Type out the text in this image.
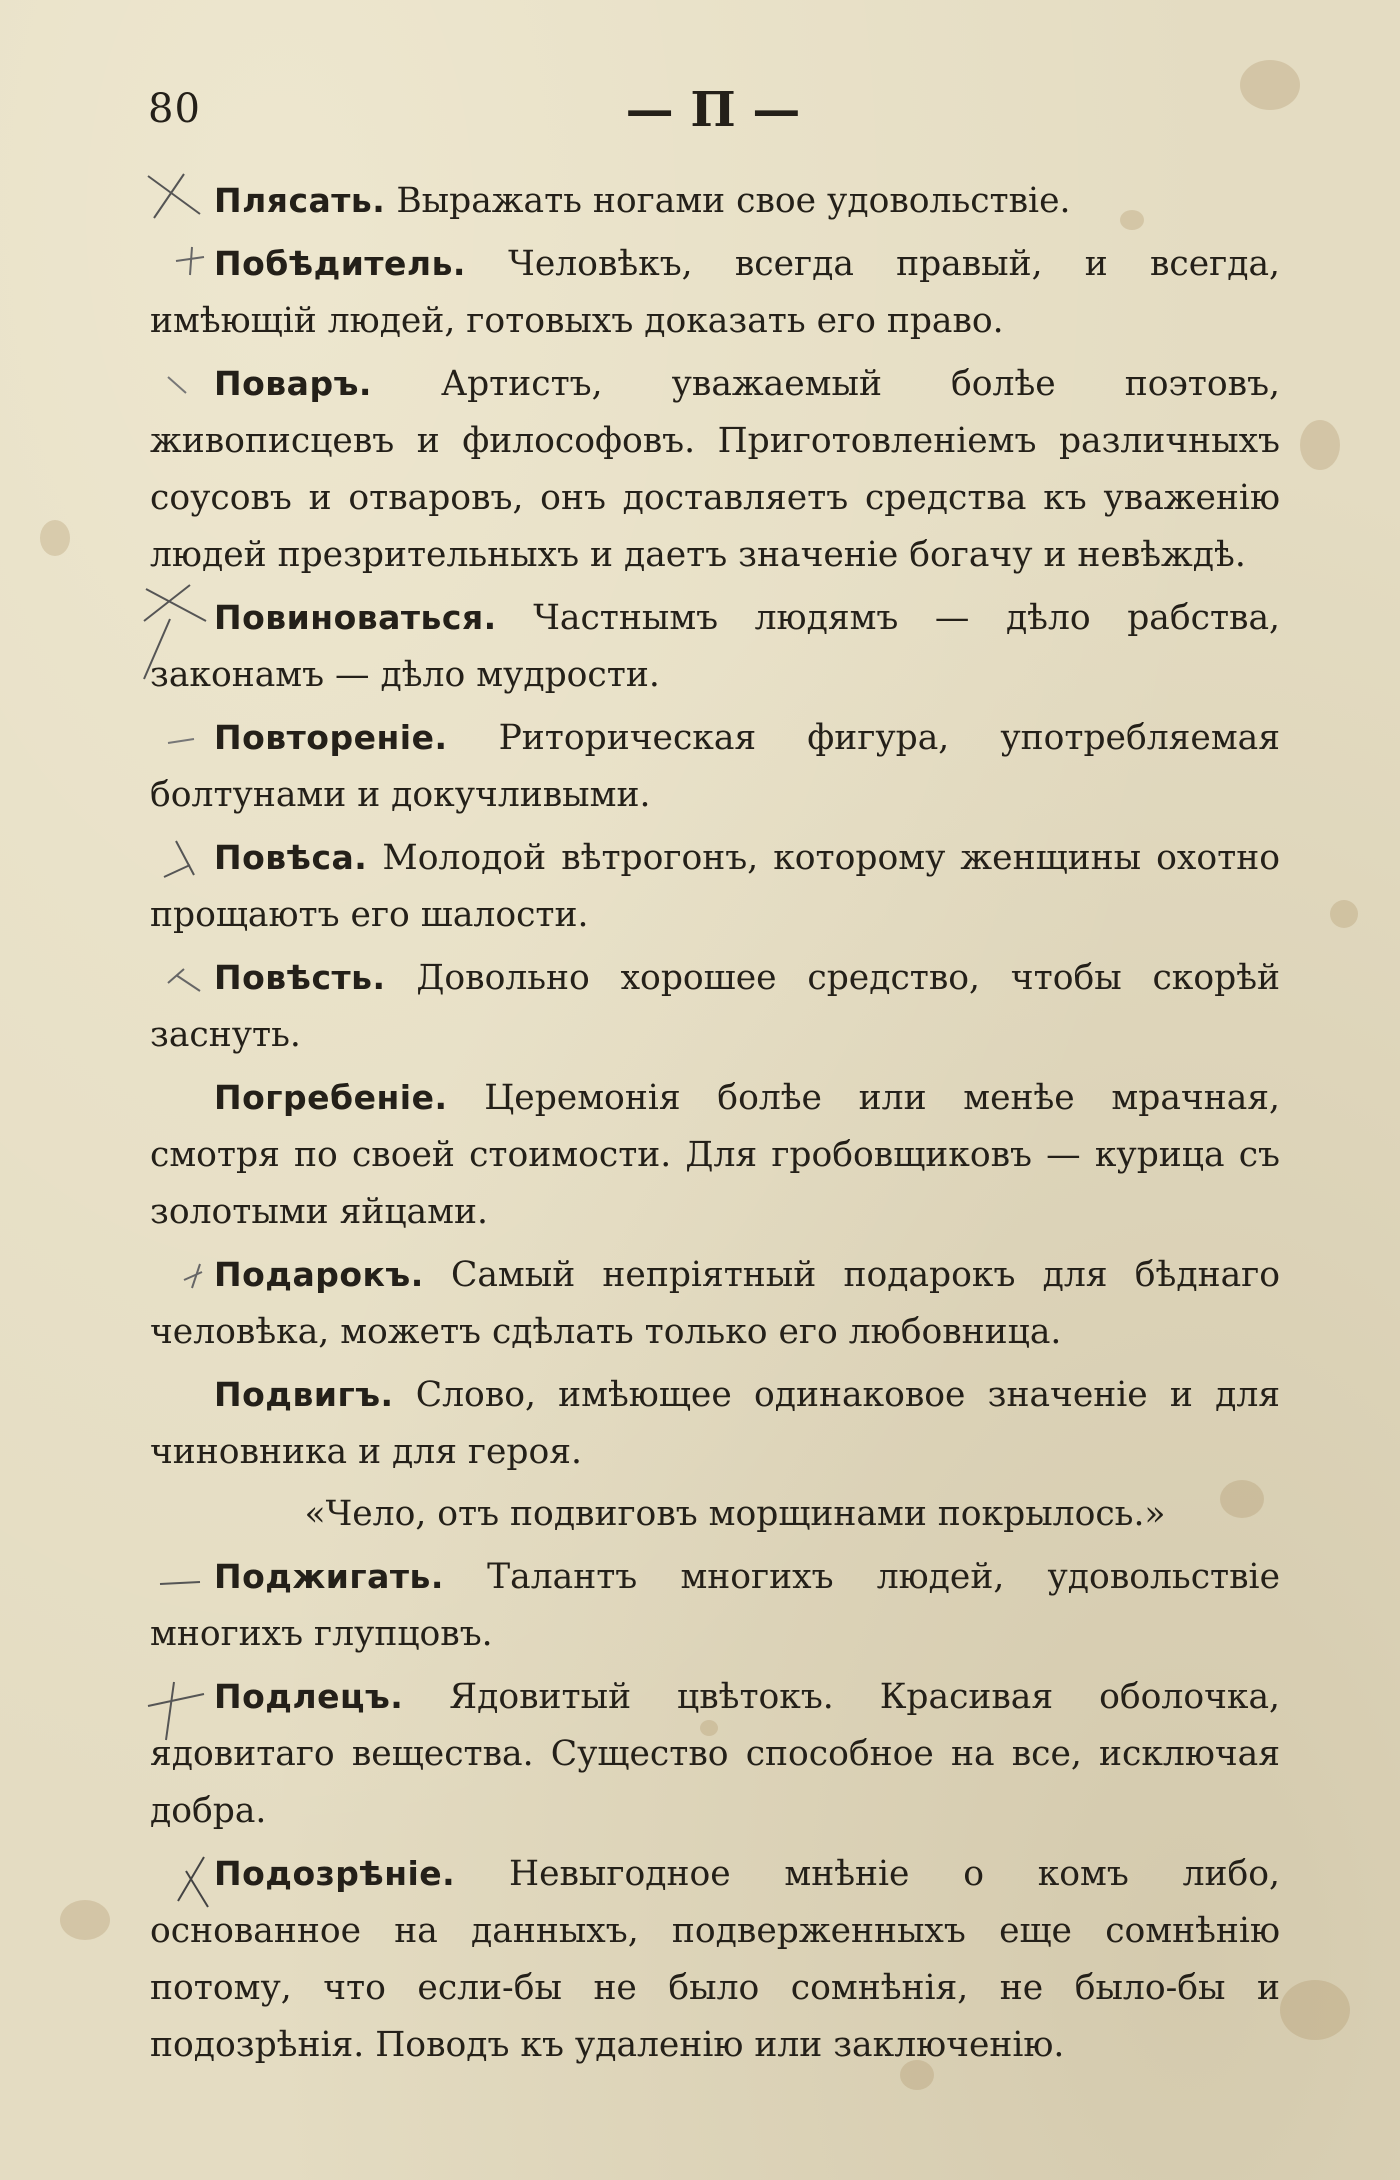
80	— П —

Плясать. Выражать ногами свое удовольствіе.

Побѣдитель. Человѣкъ, всегда правый, и всегда, имѣющій людей, готовыхъ доказать его право.

Поваръ. Артистъ, уважаемый болѣе поэтовъ, живописцевъ и философовъ. Приготовленіемъ различныхъ соусовъ и отваровъ, онъ доставляетъ средства къ уваженію людей презрительныхъ и даетъ значеніе богачу и невѣждѣ.

Повиноваться. Частнымъ людямъ — дѣло рабства, законамъ — дѣло мудрости.

Повтореніе. Риторическая фигура, употребляемая болтунами и докучливыми.

Повѣса. Молодой вѣтрогонъ, которому женщины охотно прощаютъ его шалости.

Повѣсть. Довольно хорошее средство, чтобы скорѣй заснуть.

Погребеніе. Церемонія болѣе или менѣе мрачная, смотря по своей стоимости. Для гробовщиковъ — курица съ золотыми яйцами.

Подарокъ. Самый непріятный подарокъ для бѣднаго человѣка, можетъ сдѣлать только его любовница.

Подвигъ. Слово, имѣющее одинаковое значеніе и для чиновника и для героя.

«Чело, отъ подвиговъ морщинами покрылось.»

Поджигать. Талантъ многихъ людей, удовольствіе многихъ глупцовъ.

Подлецъ. Ядовитый цвѣтокъ. Красивая оболочка, ядовитаго вещества. Существо способное на все, исключая добра.

Подозрѣніе. Невыгодное мнѣніе о комъ либо, основанное на данныхъ, подверженныхъ еще сомнѣнію потому, что если-бы не было сомнѣнія, не было-бы и подозрѣнія. Поводъ къ удаленію или заключенію.
